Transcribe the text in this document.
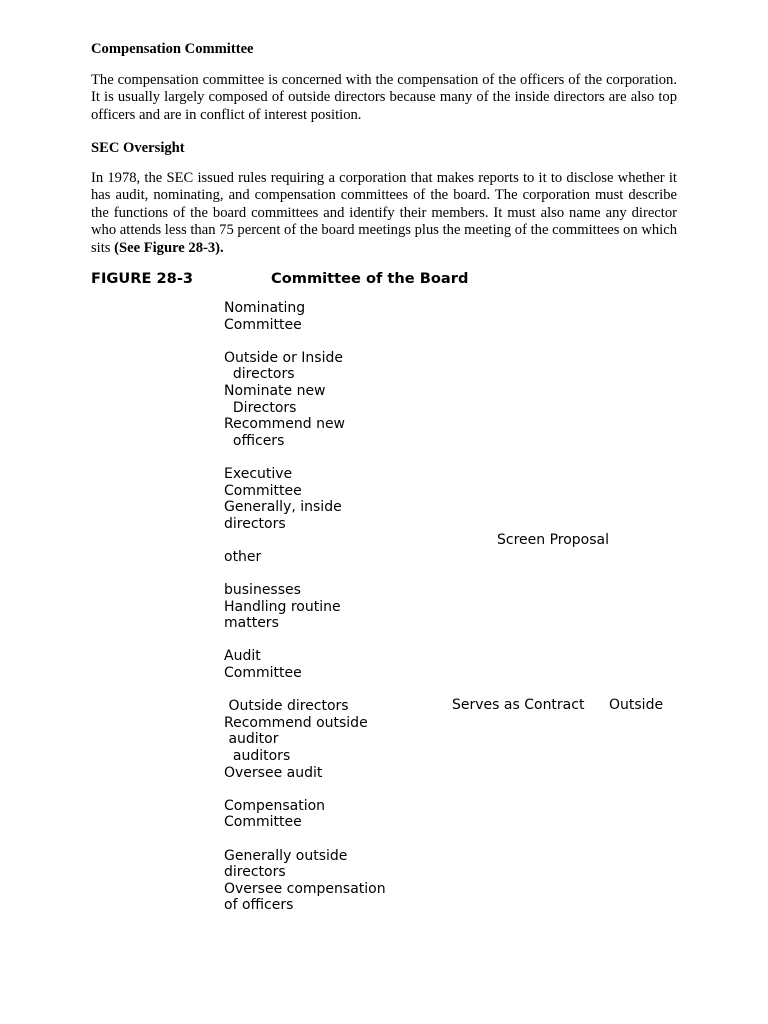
Compensation Committee

The compensation committee is concerned with the compensation of the officers of the corporation. It is usually largely composed of outside directors because many of the inside directors are also top officers and are in conflict of interest position.

SEC Oversight

In 1978, the SEC issued rules requiring a corporation that makes reports to it to disclose whether it has audit, nominating, and compensation committees of the board. The corporation must describe the functions of the board committees and identify their members. It must also name any director who attends less than 75 percent of the board meetings plus the meeting of the committees on which sits (See Figure 28-3).

FIGURE 28-3	Committee of the Board
Nominating
Committee
Outside or Inside
directors
Nominate new
Directors
Recommend new
officers
Executive
Committee
Generally, inside
directors
other
businesses
Handling routine
matters
Audit
Committee
Outside directors
Recommend outside
auditor
auditors
Oversee audit
Compensation
Committee
Generally outside
directors
Oversee compensation
of officers
Screen Proposal
Serves as Contract Outside
